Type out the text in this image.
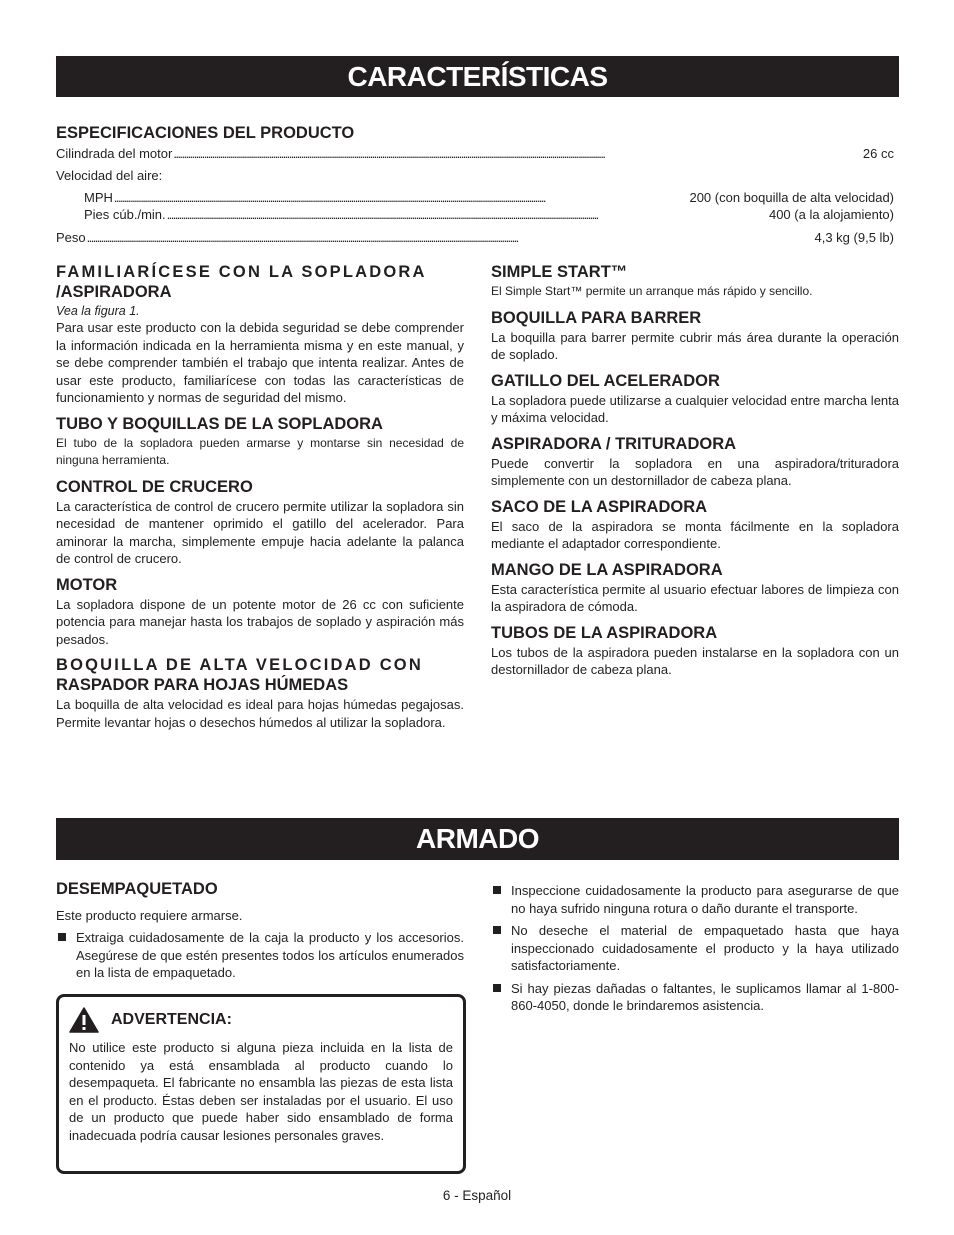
CARACTERÍSTICAS
ESPECIFICACIONES DEL PRODUCTO
Cilindrada del motor . . .	26 cc
Velocidad del aire:
MPH . . .	200 (con boquilla de alta velocidad)
Pies cúb./min. . . .	400 (a la alojamiento)
Peso . . .	4,3 kg (9,5 lb)
FAMILIARÍCESE CON LA SOPLADORA
/ASPIRADORA
Vea la figura 1.
Para usar este producto con la debida seguridad se debe comprender la información indicada en la herramienta misma y en este manual, y se debe comprender también el trabajo que intenta realizar. Antes de usar este producto, familiarícese con todas las características de funcionamiento y normas de seguridad del mismo.
TUBO Y BOQUILLAS DE LA SOPLADORA
El tubo de la sopladora pueden armarse y montarse sin necesidad de ninguna herramienta.
CONTROL DE CRUCERO
La característica de control de crucero permite utilizar la sopladora sin necesidad de mantener oprimido el gatillo del acelerador. Para aminorar la marcha, simplemente empuje hacia adelante la palanca de control de crucero.
MOTOR
La sopladora dispone de un potente motor de 26 cc con suficiente potencia para manejar hasta los trabajos de soplado y aspiración más pesados.
BOQUILLA DE ALTA VELOCIDAD CON
RASPADOR PARA HOJAS HÚMEDAS
La boquilla de alta velocidad es ideal para hojas húmedas pegajosas. Permite levantar hojas o desechos húmedos al utilizar la sopladora.
SIMPLE START™
El Simple Start™ permite un arranque más rápido y sencillo.
BOQUILLA PARA BARRER
La boquilla para barrer permite cubrir más área durante la operación de soplado.
GATILLO DEL ACELERADOR
La sopladora puede utilizarse a cualquier velocidad entre marcha lenta y máxima velocidad.
ASPIRADORA / TRITURADORA
Puede convertir la sopladora en una aspiradora/trituradora simplemente con un destornillador de cabeza plana.
SACO DE LA ASPIRADORA
El saco de la aspiradora se monta fácilmente en la sopladora mediante el adaptador correspondiente.
MANGO DE LA ASPIRADORA
Esta característica permite al usuario efectuar labores de limpieza con la aspiradora de cómoda.
TUBOS DE LA ASPIRADORA
Los tubos de la aspiradora pueden instalarse en la sopladora con un destornillador de cabeza plana.
ARMADO
DESEMPAQUETADO
Este producto requiere armarse.
Extraiga cuidadosamente de la caja la producto y los accesorios. Asegúrese de que estén presentes todos los artículos enumerados en la lista de empaquetado.
ADVERTENCIA:
No utilice este producto si alguna pieza incluida en la lista de contenido ya está ensamblada al producto cuando lo desempaqueta. El fabricante no ensambla las piezas de esta lista en el producto. Éstas deben ser instaladas por el usuario. El uso de un producto que puede haber sido ensamblado de forma inadecuada podría causar lesiones personales graves.
Inspeccione cuidadosamente la producto para asegurarse de que no haya sufrido ninguna rotura o daño durante el transporte.
No deseche el material de empaquetado hasta que haya inspeccionado cuidadosamente el producto y la haya utilizado satisfactoriamente.
Si hay piezas dañadas o faltantes, le suplicamos llamar al 1-800-860-4050, donde le brindaremos asistencia.
6 - Español
